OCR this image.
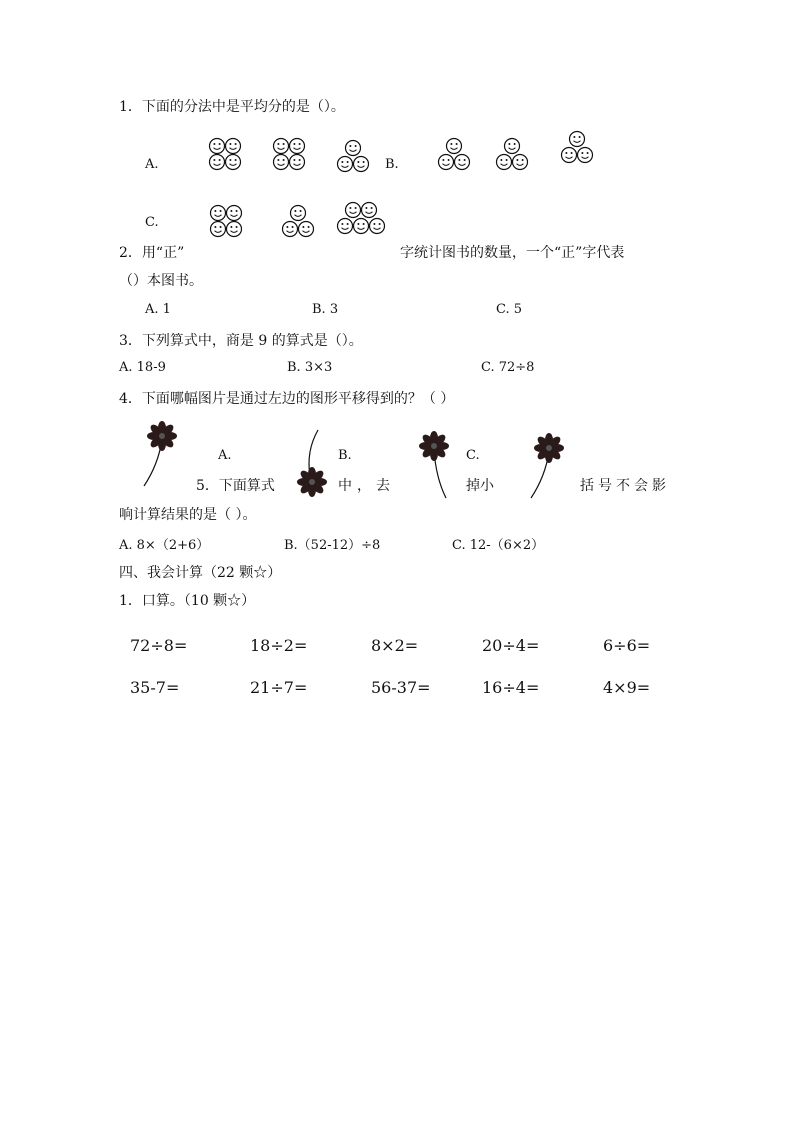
1．下面的分法中是平均分的是（）。
A.	B.
C.
2．用“正”	字统计图书的数量，一个“正”字代表
（）本图书。
A. 1	B. 3	C. 5
3．下列算式中，商是 9 的算式是（）。
A. 18-9	B. 3×3	C. 72÷8
4．下面哪幅图片是通过左边的图形平移得到的？（ ）
A.	B.	C.
5．下面算式	中，去	掉小	括号不会影
响计算结果的是（ ）。
A. 8×（2+6）	B.（52-12）÷8	C. 12-（6×2）
四、我会计算（22 颗☆）
1．口算。（10 颗☆）
72÷8=	18÷2=	8×2=	20÷4=	6÷6=
35-7=	21÷7=	56-37=	16÷4=	4×9=
